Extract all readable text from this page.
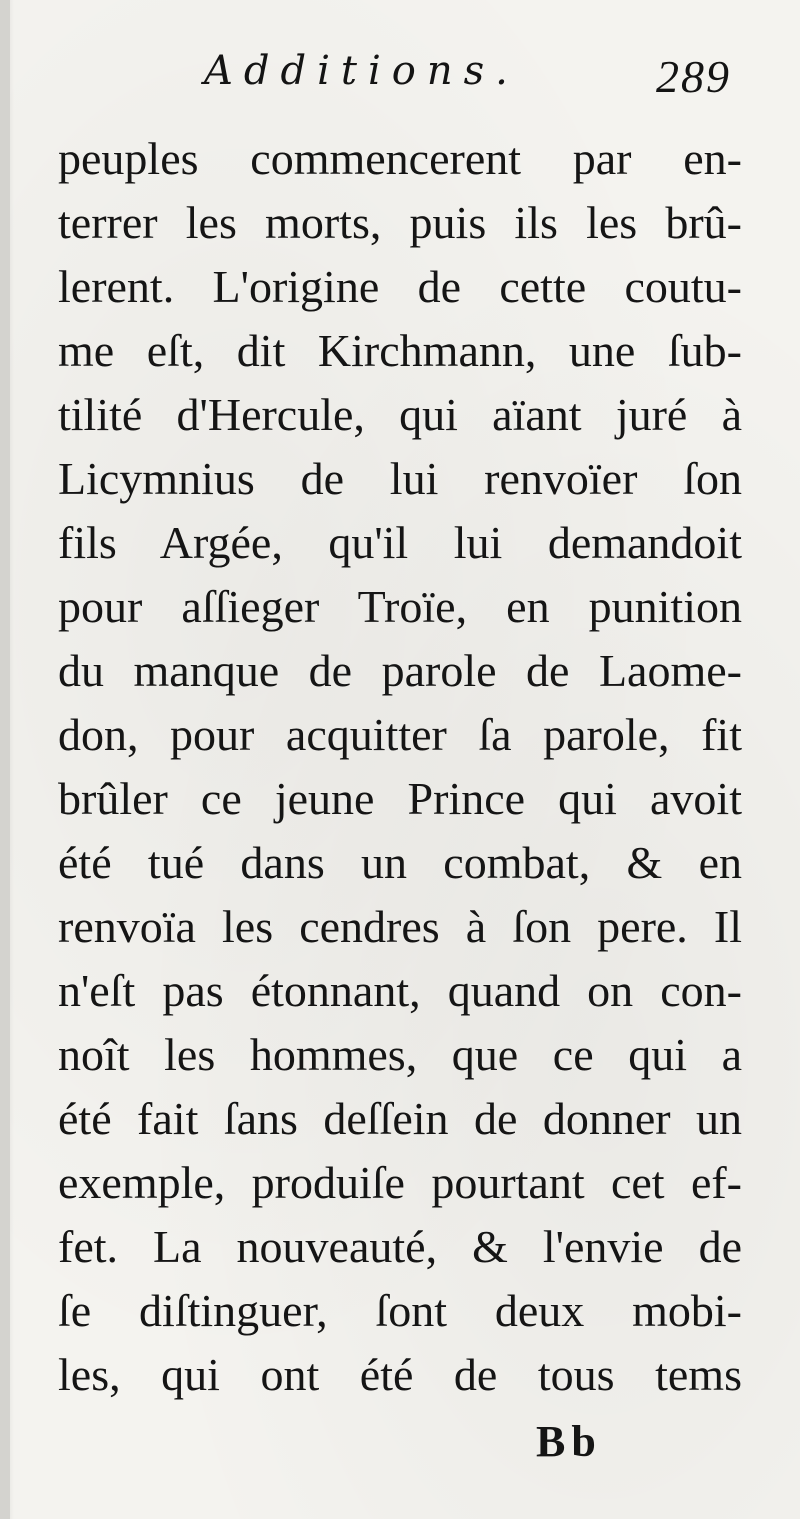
Additions.	289
peuples commencerent par en-
terrer les morts, puis ils les brû-
lerent. L'origine de cette coutu-
me eſt, dit Kirchmann, une ſub-
tilité d'Hercule, qui aïant juré à
Licymnius de lui renvoïer ſon
fils Argée, qu'il lui demandoit
pour aſſieger Troïe, en punition
du manque de parole de Laome-
don, pour acquitter ſa parole, fit
brûler ce jeune Prince qui avoit
été tué dans un combat, & en
renvoïa les cendres à ſon pere. Il
n'eſt pas étonnant, quand on con-
noît les hommes, que ce qui a
été fait ſans deſſein de donner un
exemple, produiſe pourtant cet ef-
fet. La nouveauté, & l'envie de
ſe diſtinguer, ſont deux mobi-
les, qui ont été de tous tems
Bb
